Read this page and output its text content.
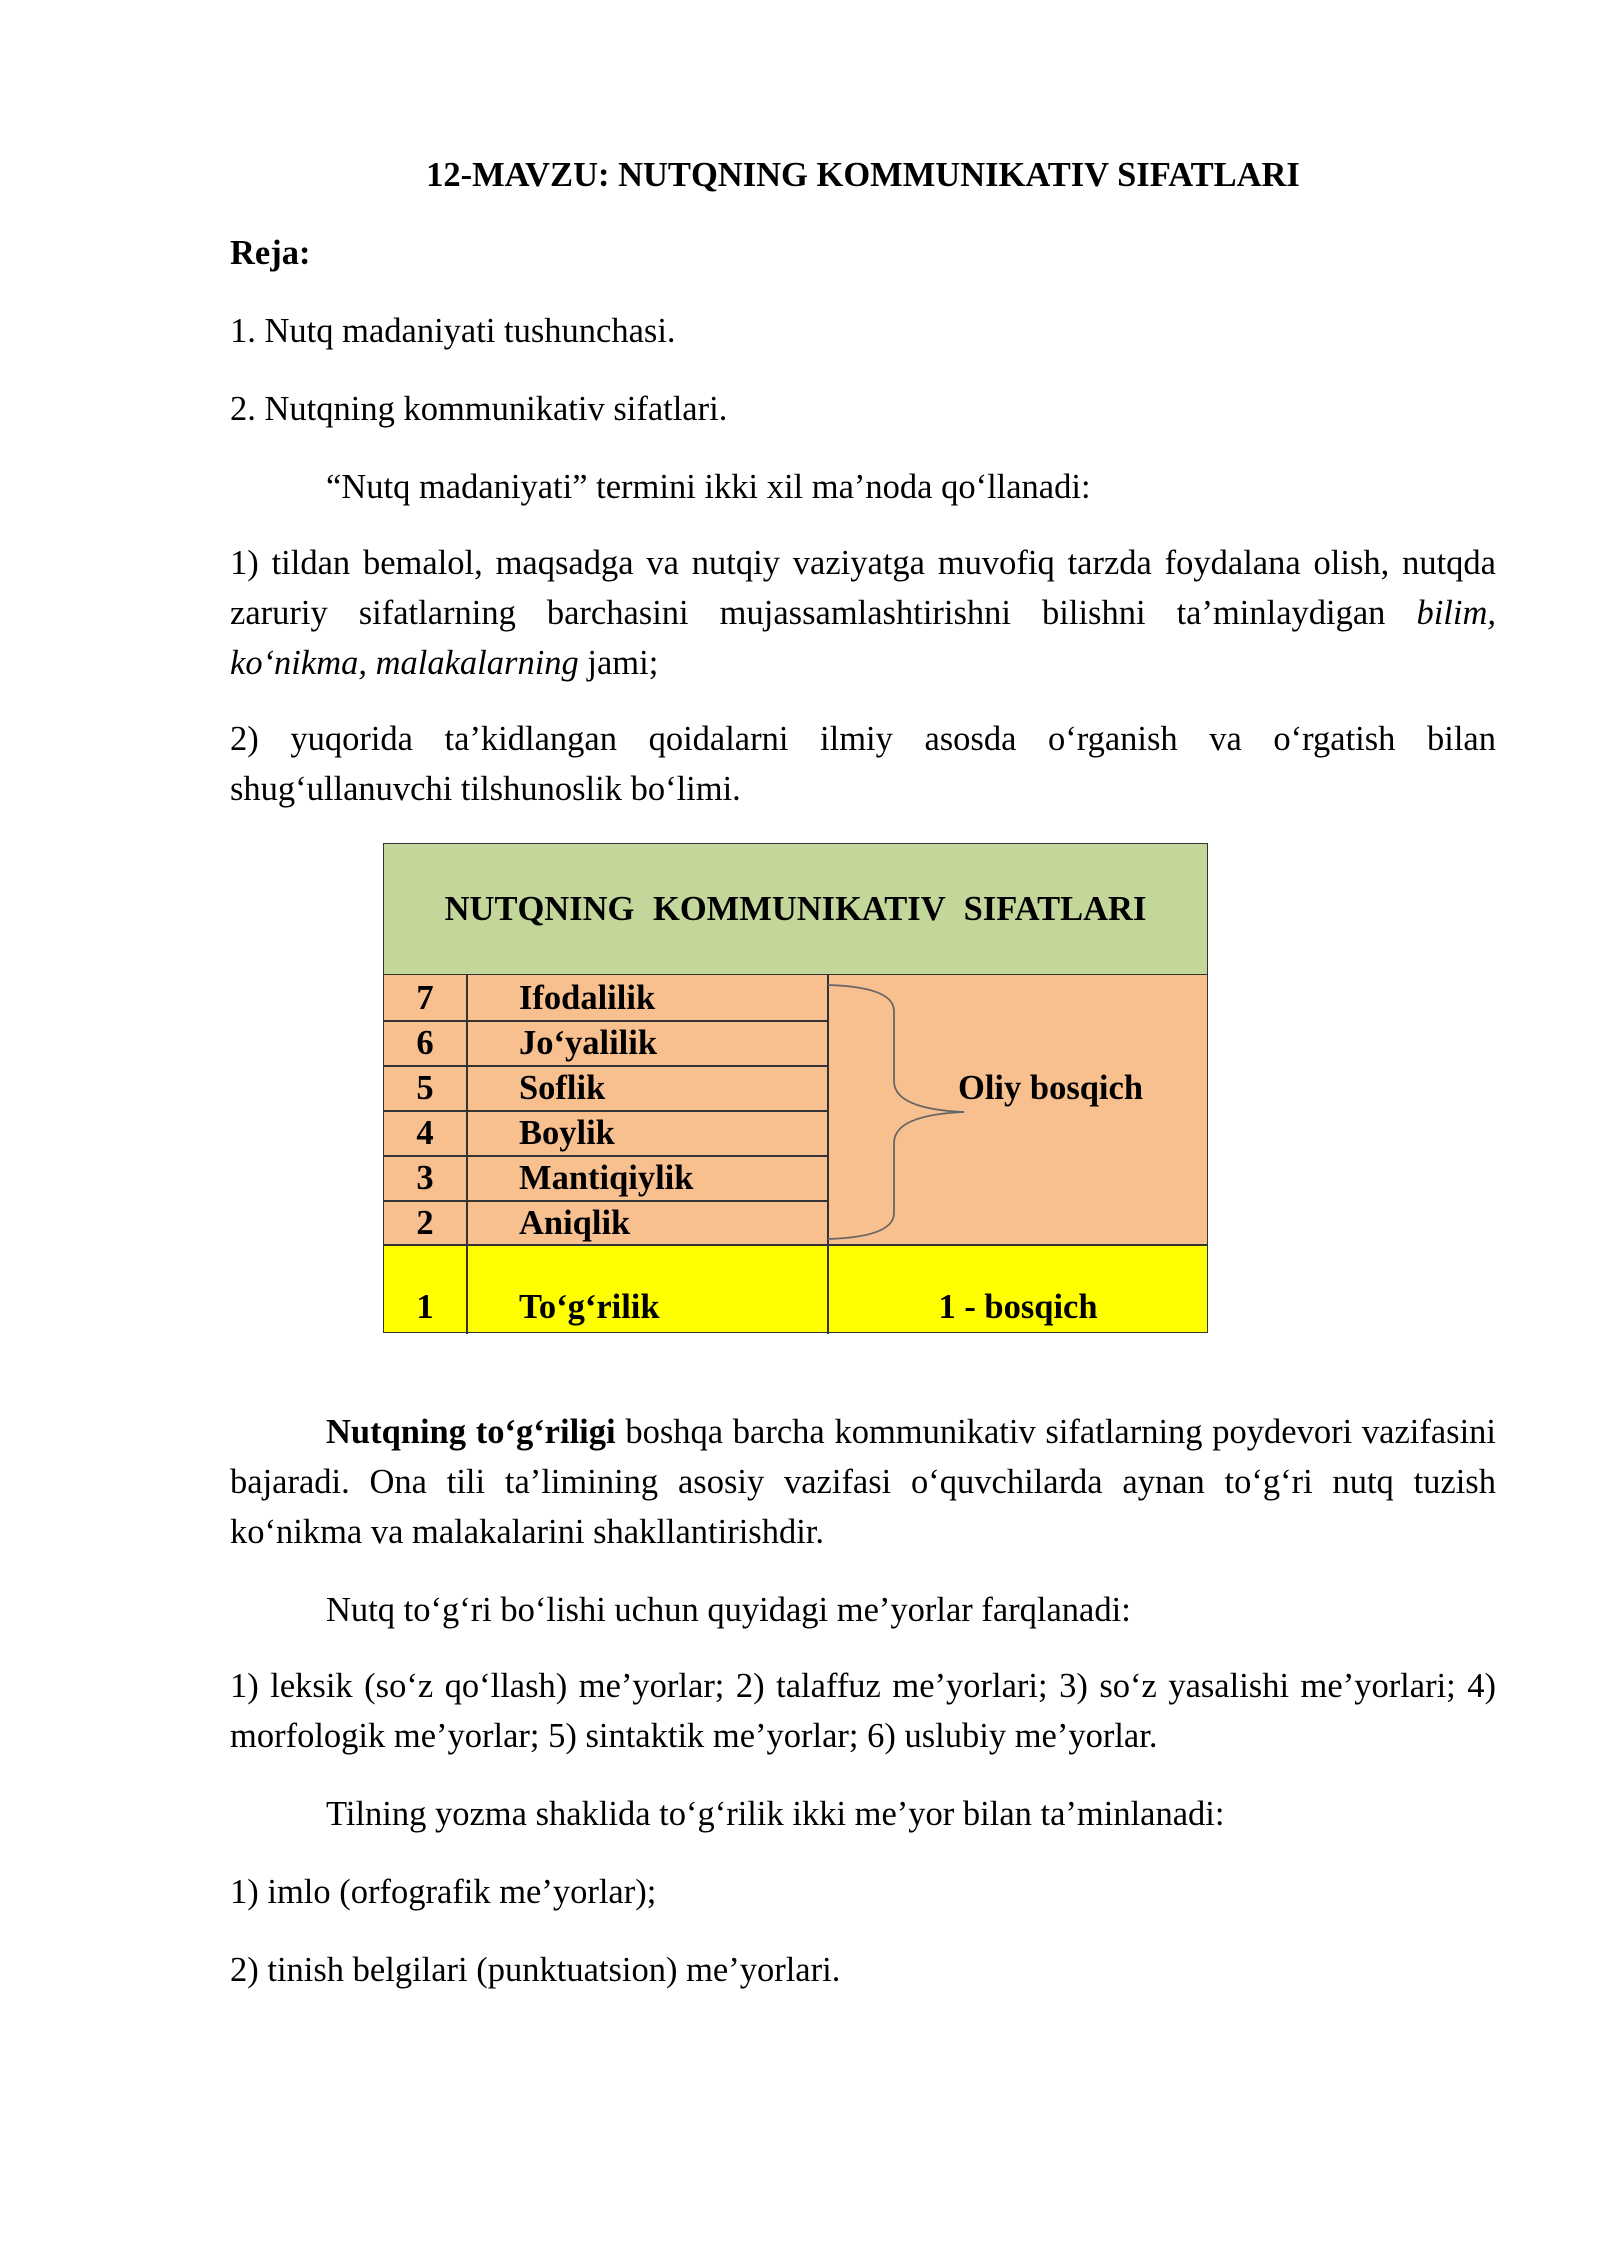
12-MAVZU: NUTQNING KOMMUNIKATIV SIFATLARI

Reja:

1. Nutq madaniyati tushunchasi.

2. Nutqning kommunikativ sifatlari.

“Nutq madaniyati” termini ikki xil ma’noda qo‘llanadi:

1) tildan bemalol, maqsadga va nutqiy vaziyatga muvofiq tarzda foydalana olish, nutqda zaruriy sifatlarning barchasini mujassamlashtirishni bilishni ta’minlaydigan bilim, ko‘nikma, malakalarning jami;

2) yuqorida ta’kidlangan qoidalarni ilmiy asosda o‘rganish va o‘rgatish bilan shug‘ullanuvchi tilshunoslik bo‘limi.

NUTQNING KOMMUNIKATIV SIFATLARI
7	Ifodalilik
6	Jo‘yalilik
5	Soflik
4	Boylik
3	Mantiqiylik
2	Aniqlik
Oliy bosqich
1	To‘g‘rilik	1 - bosqich

Nutqning to‘g‘riligi boshqa barcha kommunikativ sifatlarning poydevori vazifasini bajaradi. Ona tili ta’limining asosiy vazifasi o‘quvchilarda aynan to‘g‘ri nutq tuzish ko‘nikma va malakalarini shakllantirishdir.

Nutq to‘g‘ri bo‘lishi uchun quyidagi me’yorlar farqlanadi:

1) leksik (so‘z qo‘llash) me’yorlar; 2) talaffuz me’yorlari; 3) so‘z yasalishi me’yorlari; 4) morfologik me’yorlar; 5) sintaktik me’yorlar; 6) uslubiy me’yorlar.

Tilning yozma shaklida to‘g‘rilik ikki me’yor bilan ta’minlanadi:

1) imlo (orfografik me’yorlar);

2) tinish belgilari (punktuatsion) me’yorlari.
